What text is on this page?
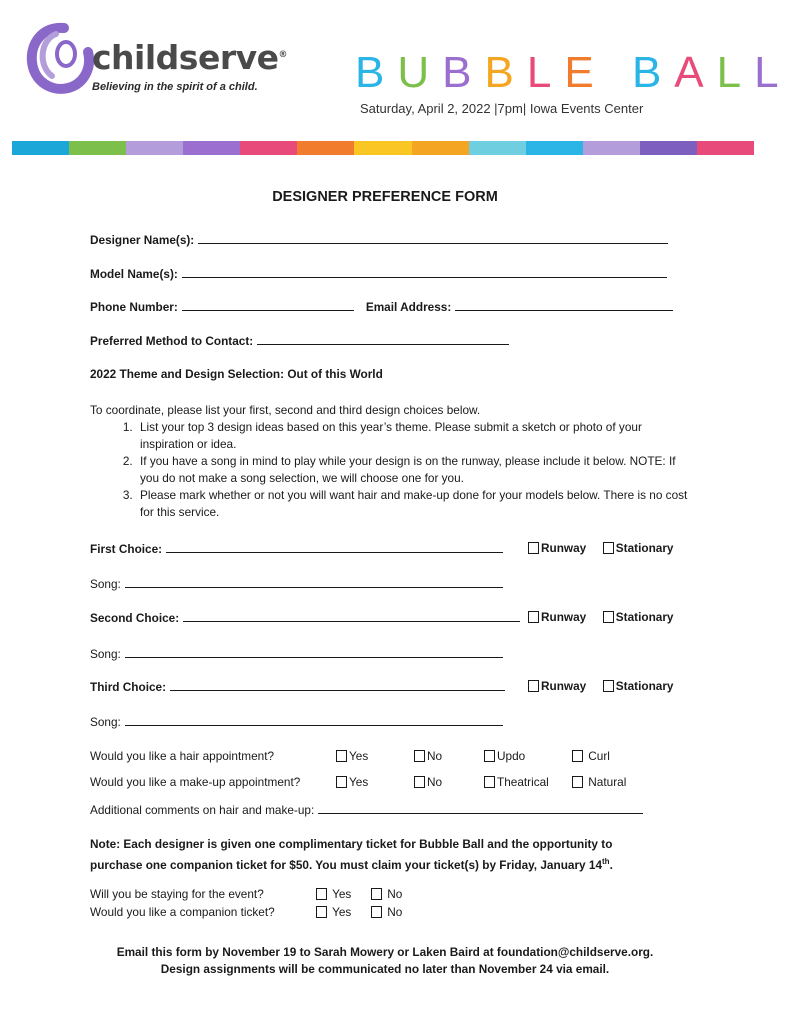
childserve®
Believing in the spirit of a child. BUBBLE BALL
Saturday, April 2, 2022 |7pm| Iowa Events Center
DESIGNER PREFERENCE FORM
Designer Name(s):
Model Name(s):
Phone Number:	Email Address:
Preferred Method to Contact:
2022 Theme and Design Selection: Out of this World
To coordinate, please list your first, second and third design choices below.
1. List your top 3 design ideas based on this year’s theme. Please submit a sketch or photo of your inspiration or idea.
2. If you have a song in mind to play while your design is on the runway, please include it below. NOTE: If you do not make a song selection, we will choose one for you.
3. Please mark whether or not you will want hair and make-up done for your models below. There is no cost for this service.
First Choice:	Runway	Stationary
Song:
Second Choice:	Runway	Stationary
Song:
Third Choice:	Runway	Stationary
Song:
Would you like a hair appointment?	Yes	No	Updo	Curl
Would you like a make-up appointment?	Yes	No	Theatrical	Natural
Additional comments on hair and make-up:
Note: Each designer is given one complimentary ticket for Bubble Ball and the opportunity to
purchase one companion ticket for $50. You must claim your ticket(s) by Friday, January 14th.
Will you be staying for the event?	Yes	No
Would you like a companion ticket?	Yes	No
Email this form by November 19 to Sarah Mowery or Laken Baird at foundation@childserve.org.
Design assignments will be communicated no later than November 24 via email.
